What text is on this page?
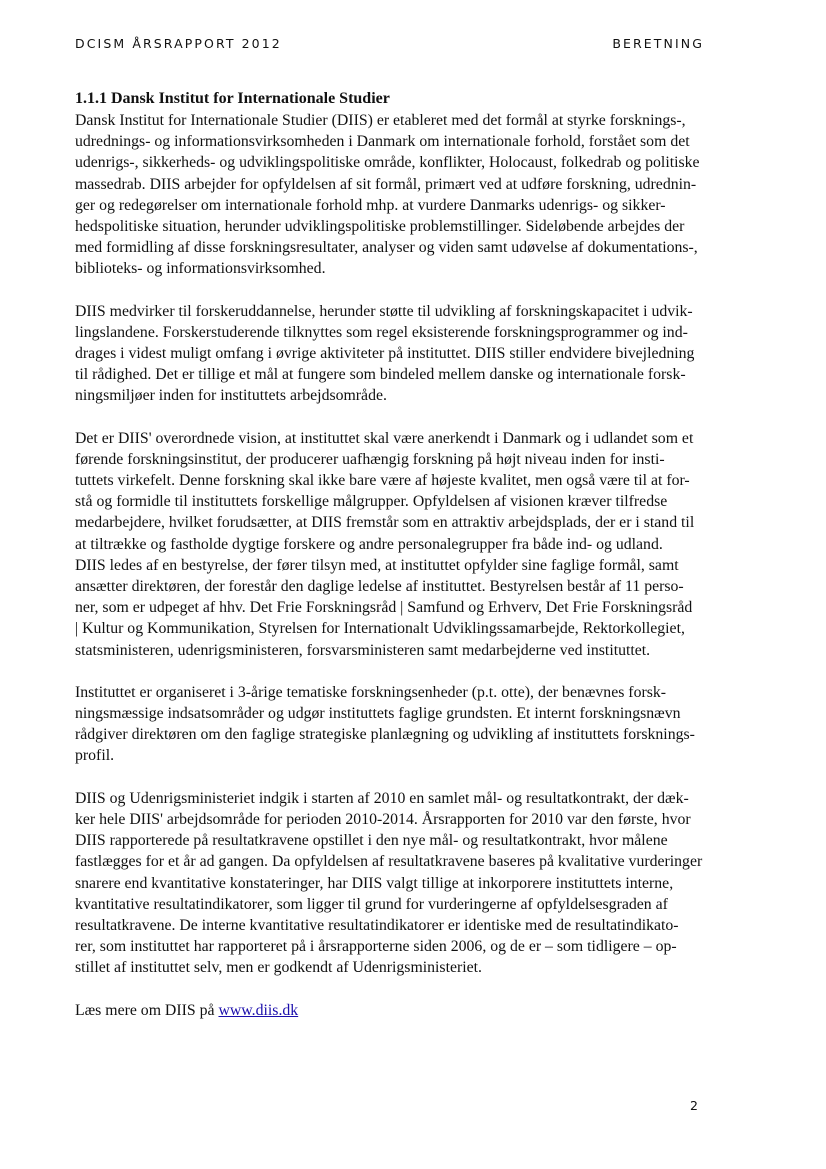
DCISM ÅRSRAPPORT 2012	BERETNING
1.1.1 Dansk Institut for Internationale Studier

Dansk Institut for Internationale Studier (DIIS) er etableret med det formål at styrke forsknings-,
udrednings- og informationsvirksomheden i Danmark om internationale forhold, forstået som det
udenrigs-, sikkerheds- og udviklingspolitiske område, konflikter, Holocaust, folkedrab og politiske
massedrab. DIIS arbejder for opfyldelsen af sit formål, primært ved at udføre forskning, udrednin-
ger og redegørelser om internationale forhold mhp. at vurdere Danmarks udenrigs- og sikker-
hedspolitiske situation, herunder udviklingspolitiske problemstillinger. Sideløbende arbejdes der
med formidling af disse forskningsresultater, analyser og viden samt udøvelse af dokumentations-,
biblioteks- og informationsvirksomhed.

DIIS medvirker til forskeruddannelse, herunder støtte til udvikling af forskningskapacitet i udvik-
lingslandene. Forskerstuderende tilknyttes som regel eksisterende forskningsprogrammer og ind-
drages i videst muligt omfang i øvrige aktiviteter på instituttet. DIIS stiller endvidere bivejledning
til rådighed. Det er tillige et mål at fungere som bindeled mellem danske og internationale forsk-
ningsmiljøer inden for instituttets arbejdsområde.

Det er DIIS' overordnede vision, at instituttet skal være anerkendt i Danmark og i udlandet som et
førende forskningsinstitut, der producerer uafhængig forskning på højt niveau inden for insti-
tuttets virkefelt. Denne forskning skal ikke bare være af højeste kvalitet, men også være til at for-
stå og formidle til instituttets forskellige målgrupper. Opfyldelsen af visionen kræver tilfredse
medarbejdere, hvilket forudsætter, at DIIS fremstår som en attraktiv arbejdsplads, der er i stand til
at tiltrække og fastholde dygtige forskere og andre personalegrupper fra både ind- og udland.
DIIS ledes af en bestyrelse, der fører tilsyn med, at instituttet opfylder sine faglige formål, samt
ansætter direktøren, der forestår den daglige ledelse af instituttet. Bestyrelsen består af 11 perso-
ner, som er udpeget af hhv. Det Frie Forskningsråd | Samfund og Erhverv, Det Frie Forskningsråd
| Kultur og Kommunikation, Styrelsen for Internationalt Udviklingssamarbejde, Rektorkollegiet,
statsministeren, udenrigsministeren, forsvarsministeren samt medarbejderne ved instituttet.

Instituttet er organiseret i 3-årige tematiske forskningsenheder (p.t. otte), der benævnes forsk-
ningsmæssige indsatsområder og udgør instituttets faglige grundsten. Et internt forskningsnævn
rådgiver direktøren om den faglige strategiske planlægning og udvikling af instituttets forsknings-
profil.

DIIS og Udenrigsministeriet indgik i starten af 2010 en samlet mål- og resultatkontrakt, der dæk-
ker hele DIIS' arbejdsområde for perioden 2010-2014. Årsrapporten for 2010 var den første, hvor
DIIS rapporterede på resultatkravene opstillet i den nye mål- og resultatkontrakt, hvor målene
fastlægges for et år ad gangen. Da opfyldelsen af resultatkravene baseres på kvalitative vurderinger
snarere end kvantitative konstateringer, har DIIS valgt tillige at inkorporere instituttets interne,
kvantitative resultatindikatorer, som ligger til grund for vurderingerne af opfyldelsesgraden af
resultatkravene. De interne kvantitative resultatindikatorer er identiske med de resultatindikato-
rer, som instituttet har rapporteret på i årsrapporterne siden 2006, og de er – som tidligere – op-
stillet af instituttet selv, men er godkendt af Udenrigsministeriet.

Læs mere om DIIS på www.diis.dk

2
